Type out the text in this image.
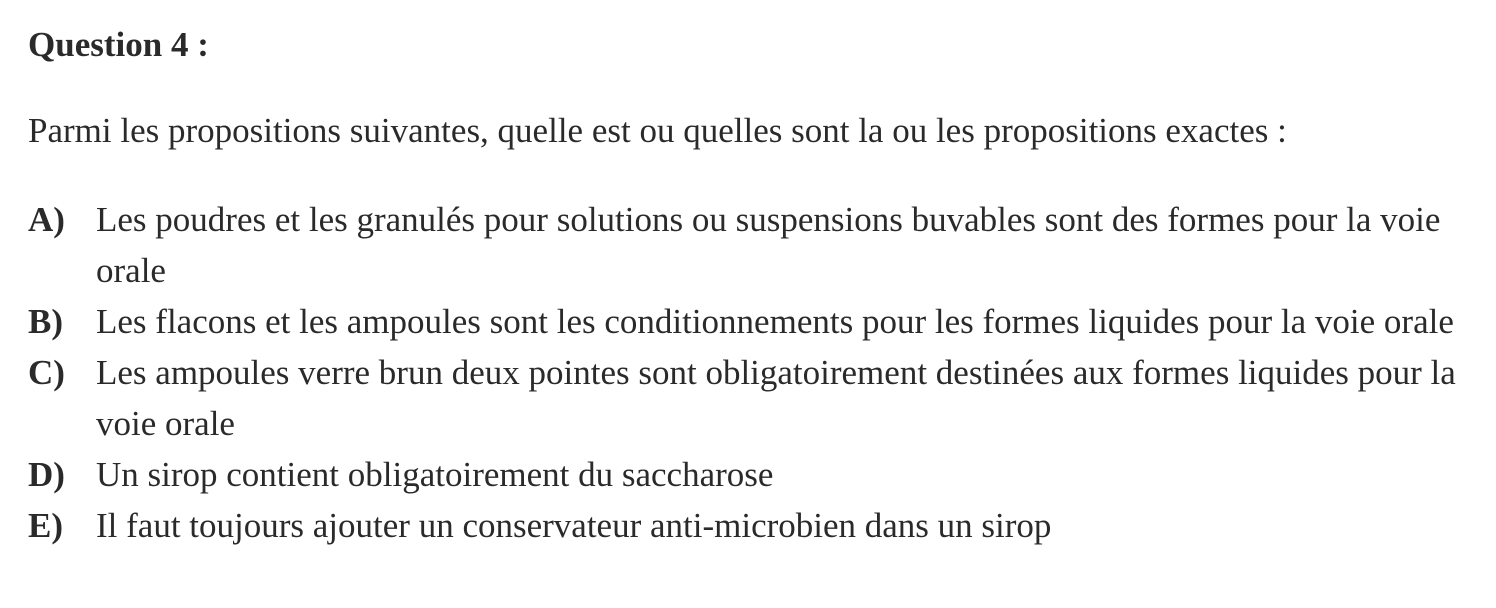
Question 4 :
Parmi les propositions suivantes, quelle est ou quelles sont la ou les propositions exactes :
A) Les poudres et les granulés pour solutions ou suspensions buvables sont des formes pour la voie orale
B) Les flacons et les ampoules sont les conditionnements pour les formes liquides pour la voie orale
C) Les ampoules verre brun deux pointes sont obligatoirement destinées aux formes liquides pour la voie orale
D) Un sirop contient obligatoirement du saccharose
E) Il faut toujours ajouter un conservateur anti-microbien dans un sirop
